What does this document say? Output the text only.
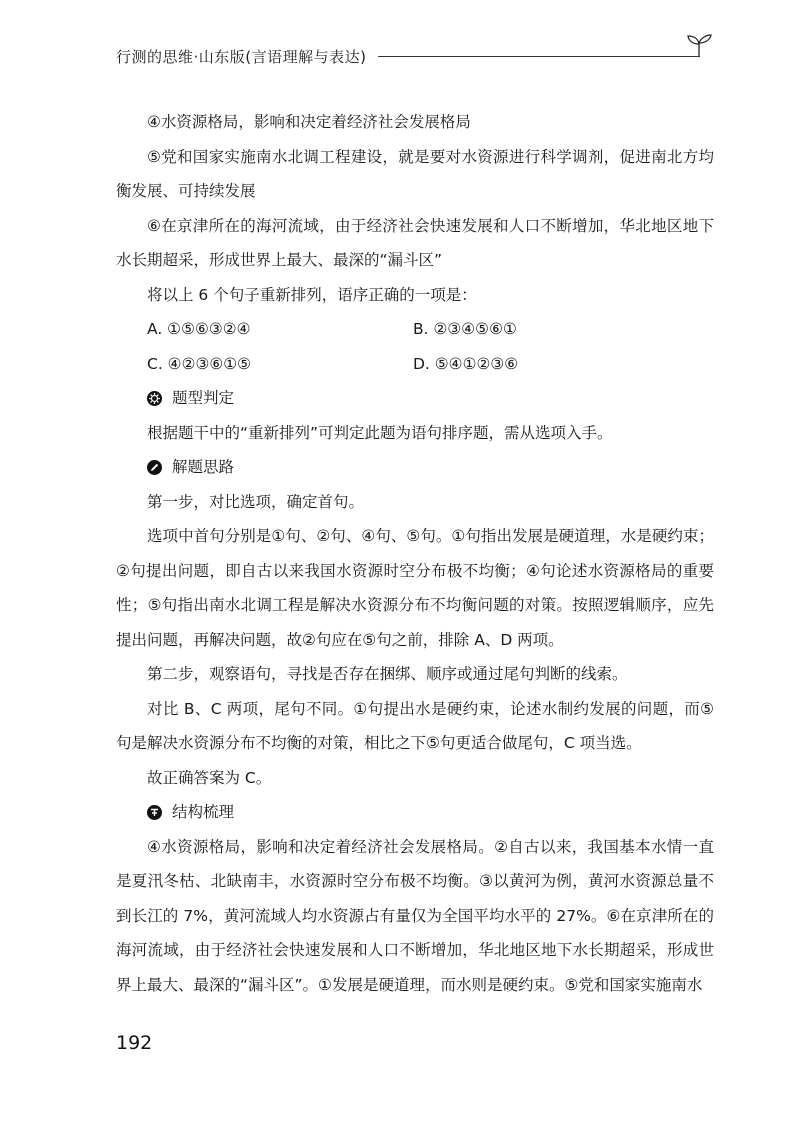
行测的思维·山东版(言语理解与表达)

④水资源格局，影响和决定着经济社会发展格局

⑤党和国家实施南水北调工程建设，就是要对水资源进行科学调剂，促进南北方均衡发展、可持续发展

⑥在京津所在的海河流域，由于经济社会快速发展和人口不断增加，华北地区地下水长期超采，形成世界上最大、最深的“漏斗区”

将以上 6 个句子重新排列，语序正确的一项是：

A. ①⑤⑥③②④	B. ②③④⑤⑥①
C. ④②③⑥①⑤	D. ⑤④①②③⑥
题型判定

根据题干中的“重新排列”可判定此题为语句排序题，需从选项入手。

解题思路

第一步，对比选项，确定首句。

选项中首句分别是①句、②句、④句、⑤句。①句指出发展是硬道理，水是硬约束；②句提出问题，即自古以来我国水资源时空分布极不均衡；④句论述水资源格局的重要性；⑤句指出南水北调工程是解决水资源分布不均衡问题的对策。按照逻辑顺序，应先提出问题，再解决问题，故②句应在⑤句之前，排除 A、D 两项。

第二步，观察语句，寻找是否存在捆绑、顺序或通过尾句判断的线索。

对比 B、C 两项，尾句不同。①句提出水是硬约束，论述水制约发展的问题，而⑤句是解决水资源分布不均衡的对策，相比之下⑤句更适合做尾句，C 项当选。

故正确答案为 C。

结构梳理

④水资源格局，影响和决定着经济社会发展格局。②自古以来，我国基本水情一直是夏汛冬枯、北缺南丰，水资源时空分布极不均衡。③以黄河为例，黄河水资源总量不到长江的 7%，黄河流域人均水资源占有量仅为全国平均水平的 27%。⑥在京津所在的海河流域，由于经济社会快速发展和人口不断增加，华北地区地下水长期超采，形成世界上最大、最深的“漏斗区”。①发展是硬道理，而水则是硬约束。⑤党和国家实施南水

192
